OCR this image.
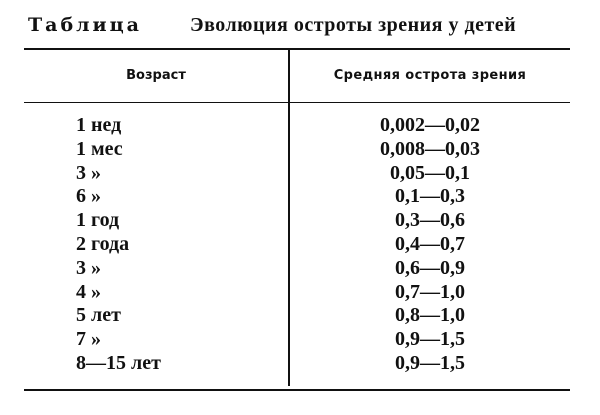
Таблица Эволюция остроты зрения у детей
Возраст	Средняя острота зрения
1 нед	0,002—0,02
1 мес	0,008—0,03
3 »	0,05—0,1
6 »	0,1—0,3
1 год	0,3—0,6
2 года	0,4—0,7
3 »	0,6—0,9
4 »	0,7—1,0
5 лет	0,8—1,0
7 »	0,9—1,5
8—15 лет	0,9—1,5
